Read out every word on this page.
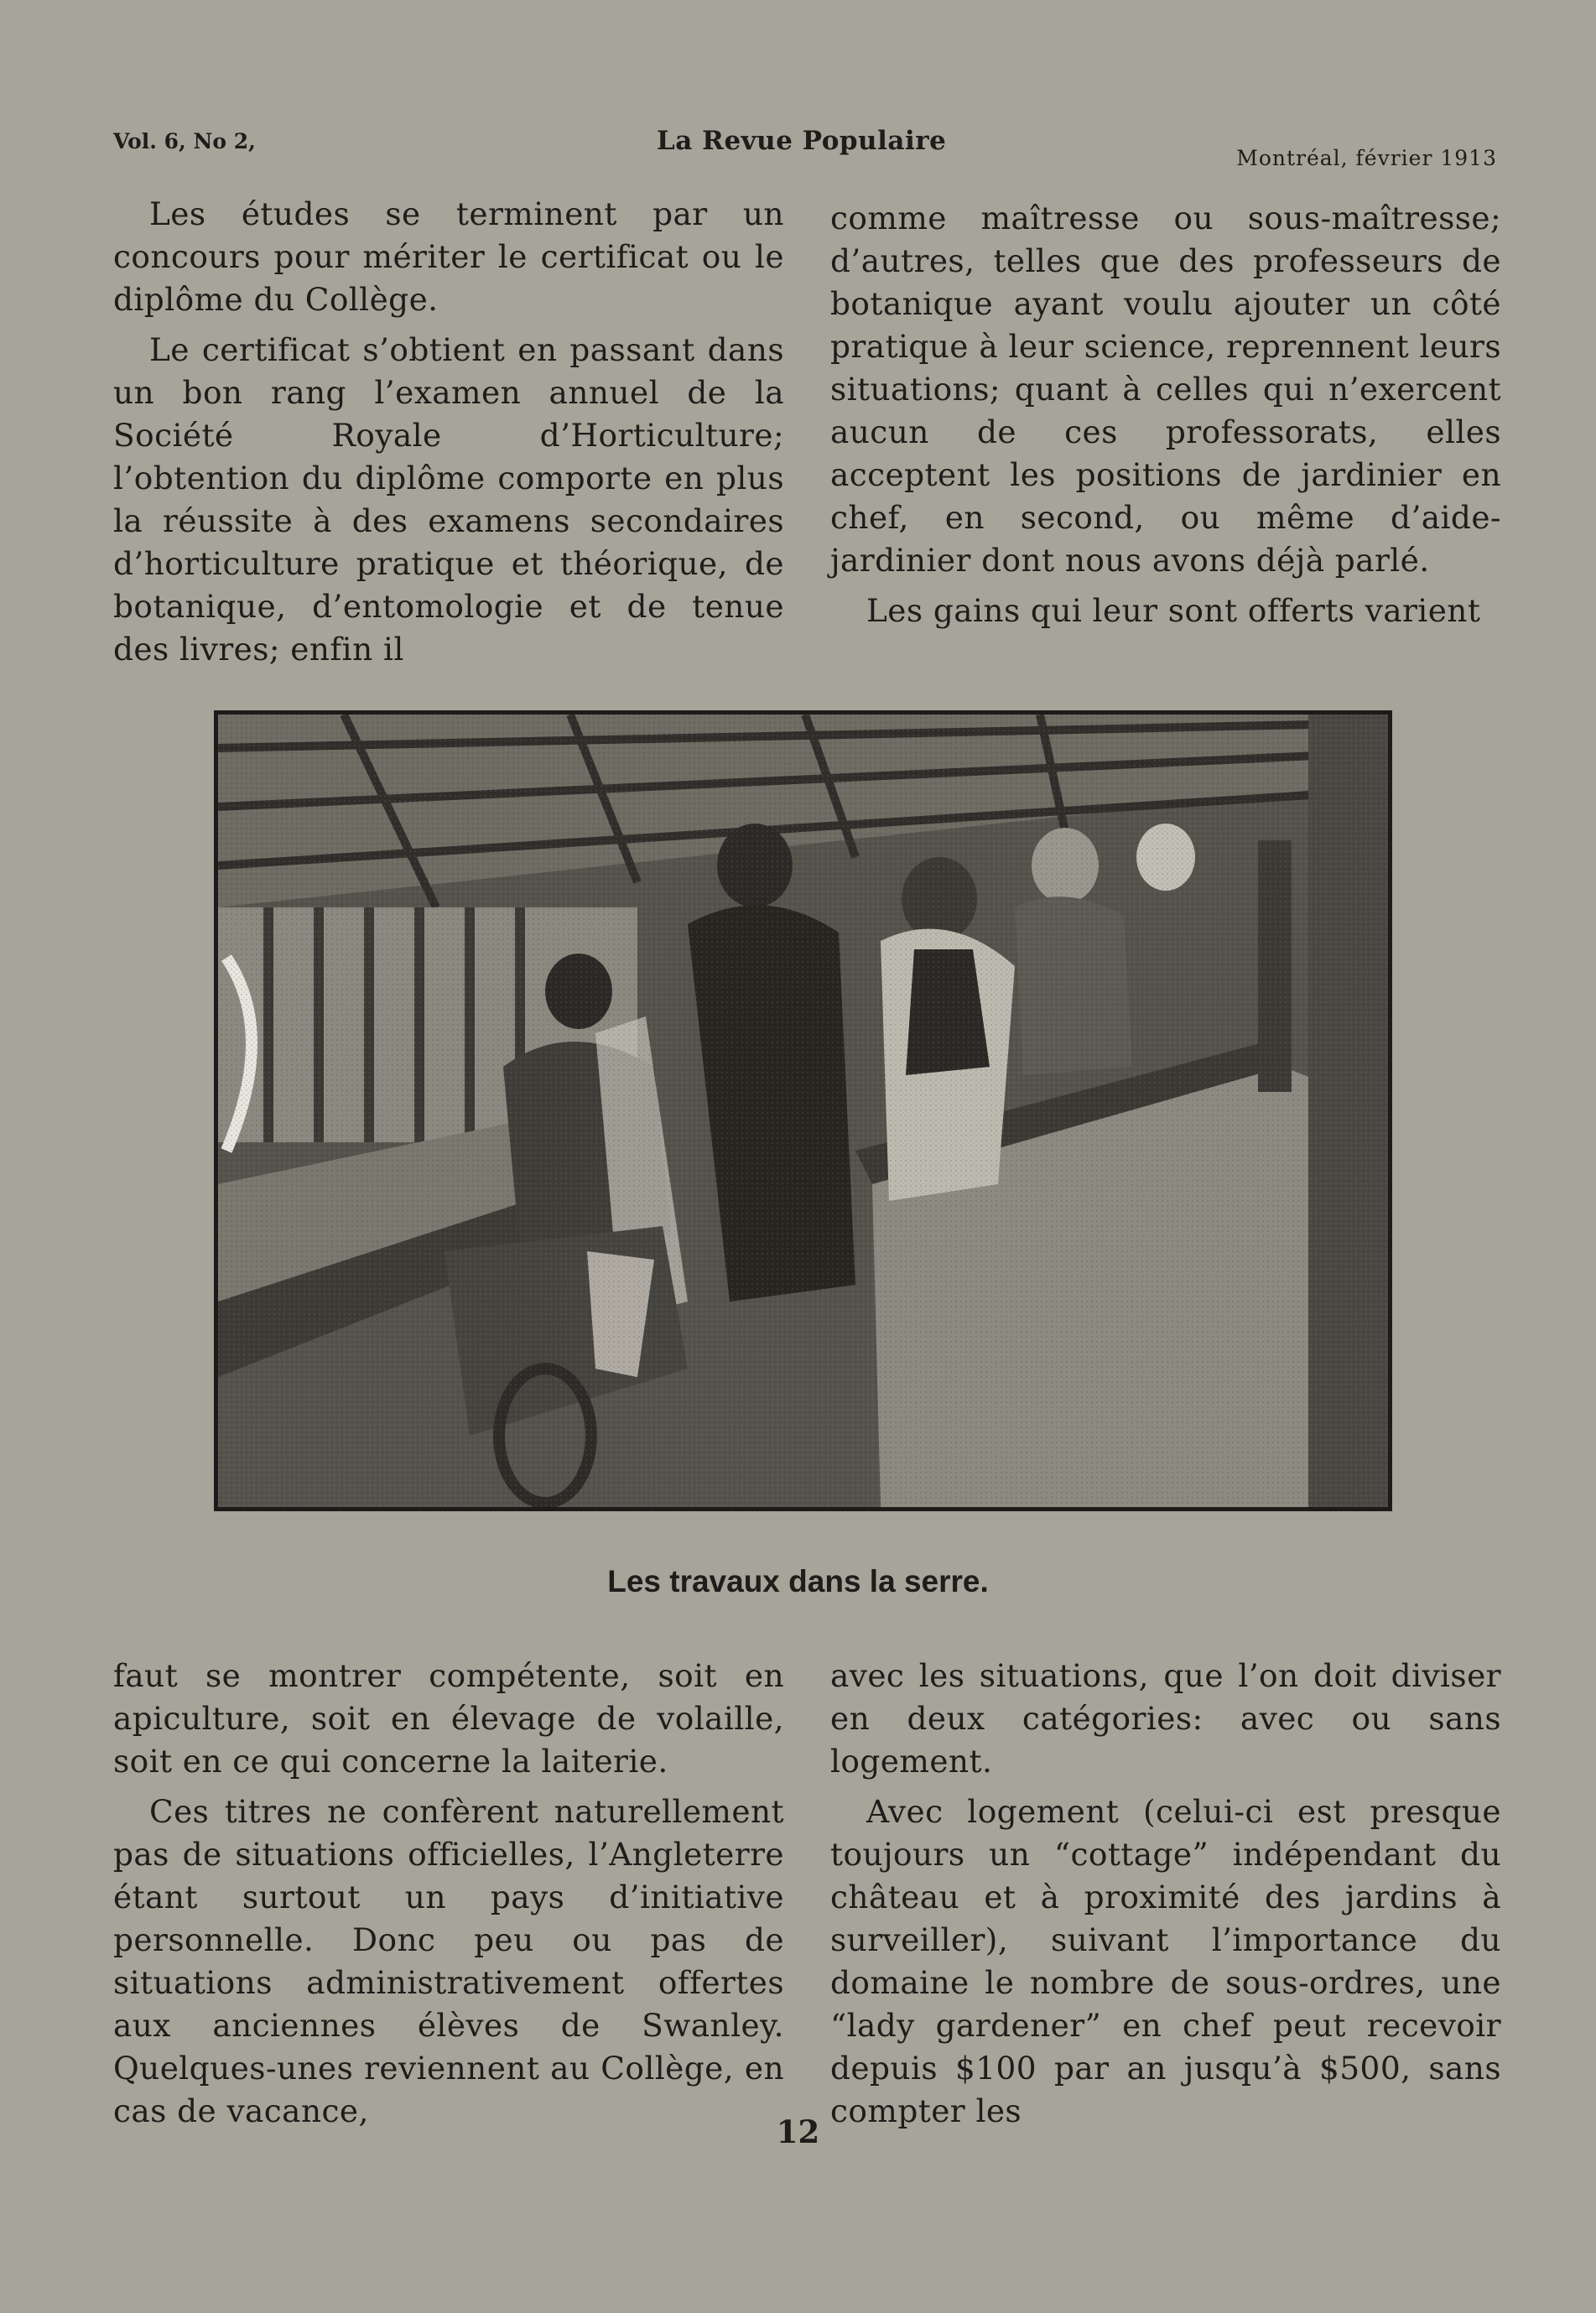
Vol. 6, No 2,	La Revue Populaire
Montréal, février 1913

Les études se terminent par un concours pour mériter le certificat ou le diplôme du Collège.

Le certificat s’obtient en passant dans un bon rang l’examen annuel de la Société Royale d’Horticulture; l’obtention du diplôme comporte en plus la réussite à des examens secondaires d’horticulture pratique et théorique, de botanique, d’entomologie et de tenue des livres; enfin il

comme maîtresse ou sous-maîtresse; d’autres, telles que des professeurs de botanique ayant voulu ajouter un côté pratique à leur science, reprennent leurs situations; quant à celles qui n’exercent aucun de ces professorats, elles acceptent les positions de jardinier en chef, en second, ou même d’aide-jardinier dont nous avons déjà parlé.

Les gains qui leur sont offerts varient

Les travaux dans la serre.

faut se montrer compétente, soit en apiculture, soit en élevage de volaille, soit en ce qui concerne la laiterie.

Ces titres ne confèrent naturellement pas de situations officielles, l’Angleterre étant surtout un pays d’initiative personnelle. Donc peu ou pas de situations administrativement offertes aux anciennes élèves de Swanley. Quelques-unes reviennent au Collège, en cas de vacance,

avec les situations, que l’on doit diviser en deux catégories: avec ou sans logement.

Avec logement (celui-ci est presque toujours un “cottage” indépendant du château et à proximité des jardins à surveiller), suivant l’importance du domaine le nombre de sous-ordres, une “lady gardener” en chef peut recevoir depuis $100 par an jusqu’à $500, sans compter les

12
